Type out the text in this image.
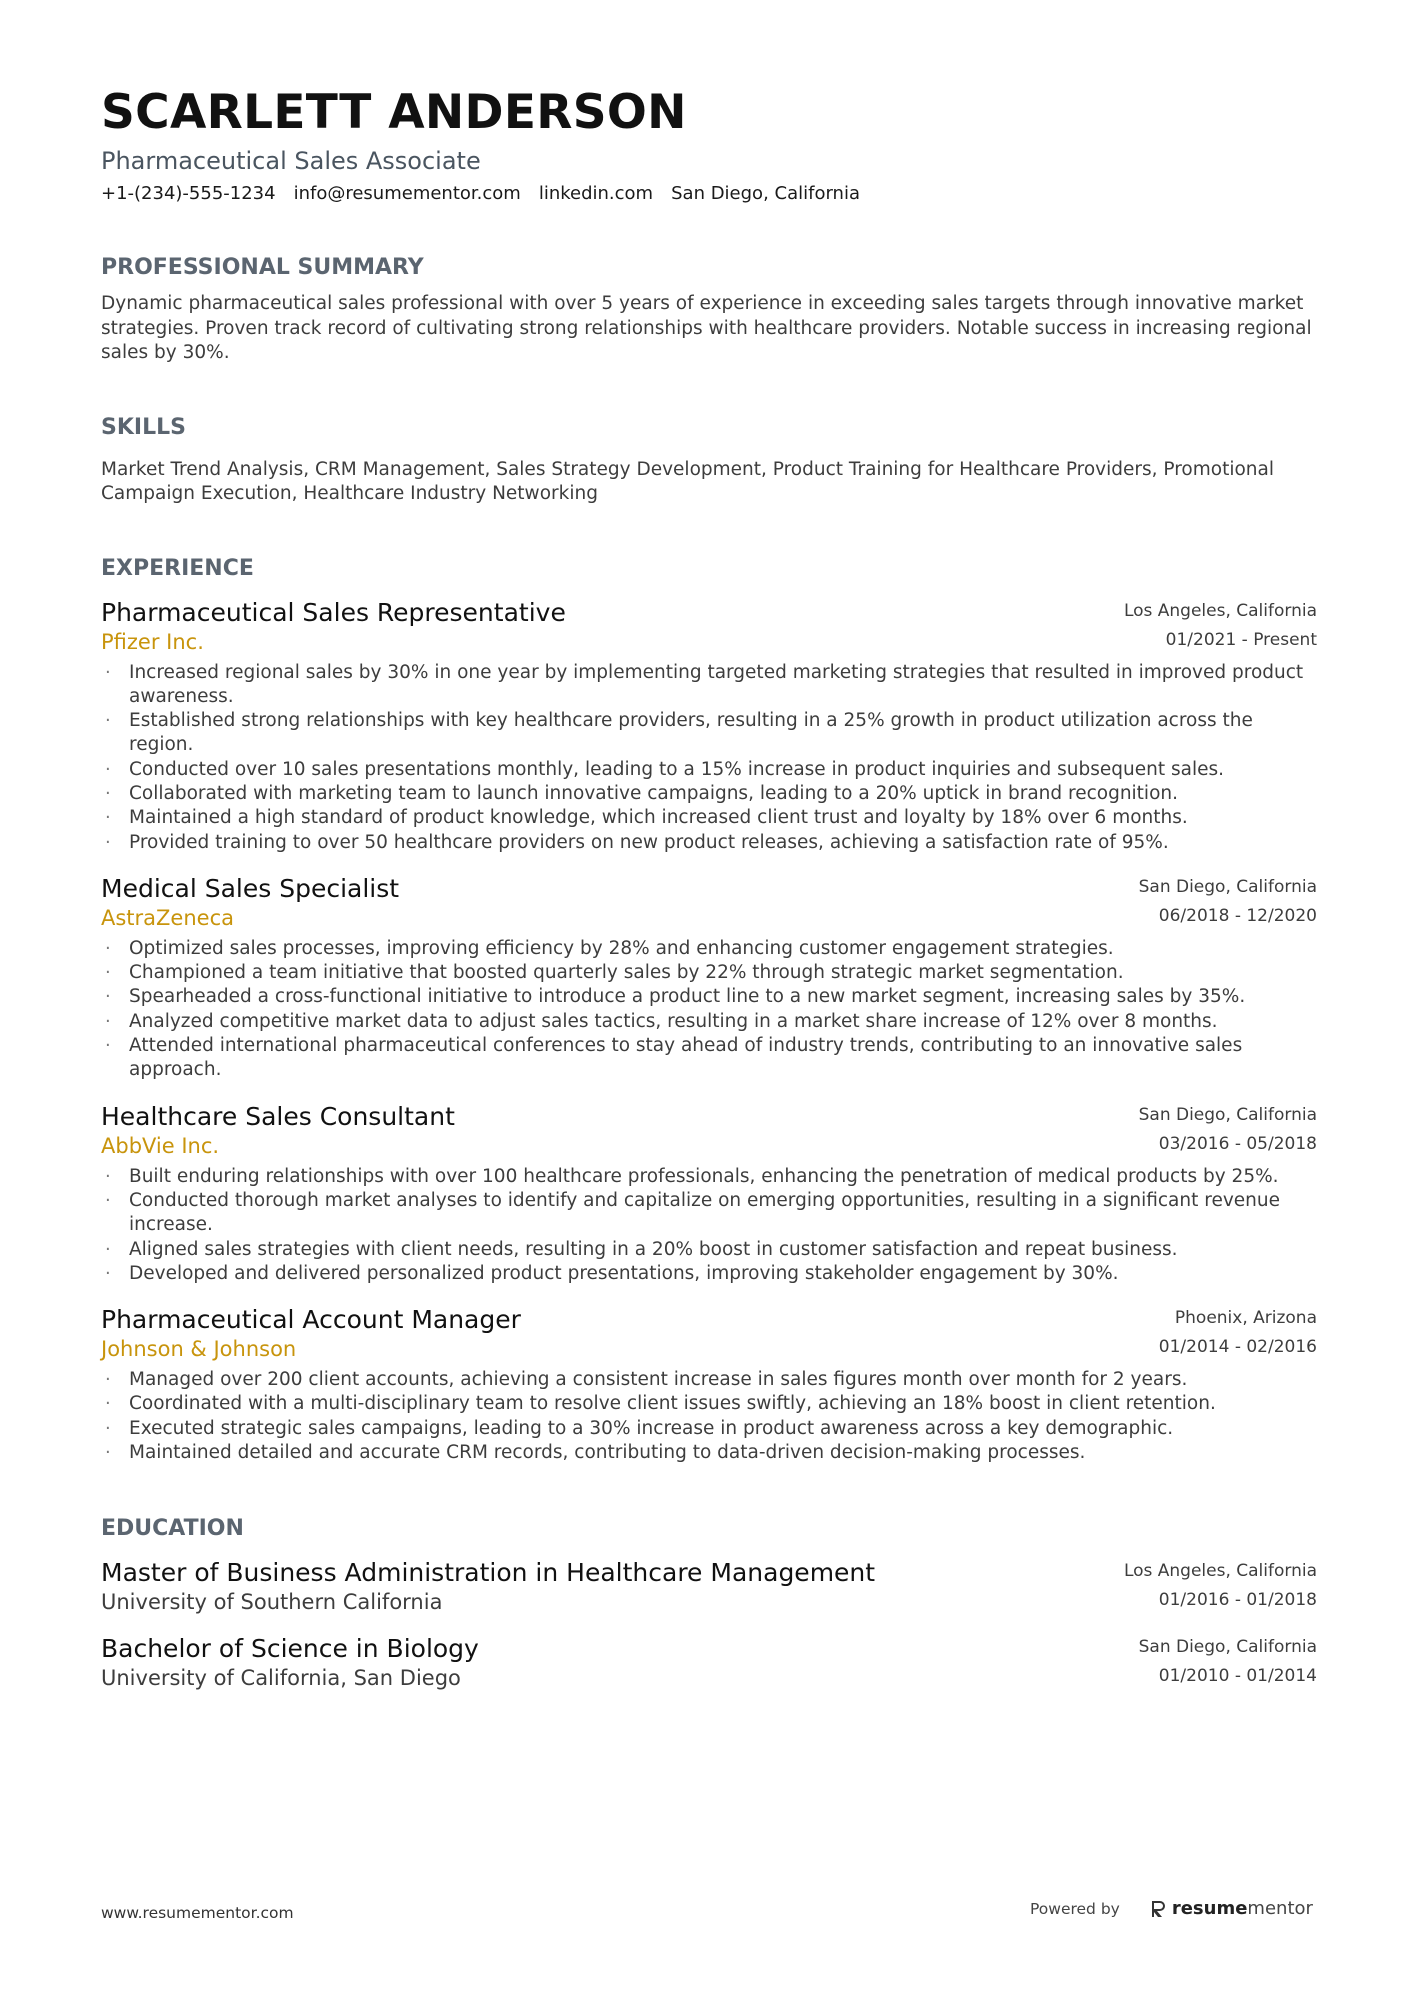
SCARLETT ANDERSON
Pharmaceutical Sales Associate
+1-(234)-555-1234 info@resumementor.com linkedin.com San Diego, California
PROFESSIONAL SUMMARY
Dynamic pharmaceutical sales professional with over 5 years of experience in exceeding sales targets through innovative market strategies. Proven track record of cultivating strong relationships with healthcare providers. Notable success in increasing regional sales by 30%.
SKILLS
Market Trend Analysis, CRM Management, Sales Strategy Development, Product Training for Healthcare Providers, Promotional Campaign Execution, Healthcare Industry Networking
EXPERIENCE
Pharmaceutical Sales Representative
Pfizer Inc.
Los Angeles, California
01/2021 - Present
· Increased regional sales by 30% in one year by implementing targeted marketing strategies that resulted in improved product awareness.
· Established strong relationships with key healthcare providers, resulting in a 25% growth in product utilization across the region.
· Conducted over 10 sales presentations monthly, leading to a 15% increase in product inquiries and subsequent sales.
· Collaborated with marketing team to launch innovative campaigns, leading to a 20% uptick in brand recognition.
· Maintained a high standard of product knowledge, which increased client trust and loyalty by 18% over 6 months.
· Provided training to over 50 healthcare providers on new product releases, achieving a satisfaction rate of 95%.
Medical Sales Specialist
AstraZeneca
San Diego, California
06/2018 - 12/2020
· Optimized sales processes, improving efficiency by 28% and enhancing customer engagement strategies.
· Championed a team initiative that boosted quarterly sales by 22% through strategic market segmentation.
· Spearheaded a cross-functional initiative to introduce a product line to a new market segment, increasing sales by 35%.
· Analyzed competitive market data to adjust sales tactics, resulting in a market share increase of 12% over 8 months.
· Attended international pharmaceutical conferences to stay ahead of industry trends, contributing to an innovative sales approach.
Healthcare Sales Consultant
AbbVie Inc.
San Diego, California
03/2016 - 05/2018
· Built enduring relationships with over 100 healthcare professionals, enhancing the penetration of medical products by 25%.
· Conducted thorough market analyses to identify and capitalize on emerging opportunities, resulting in a significant revenue increase.
· Aligned sales strategies with client needs, resulting in a 20% boost in customer satisfaction and repeat business.
· Developed and delivered personalized product presentations, improving stakeholder engagement by 30%.
Pharmaceutical Account Manager
Johnson & Johnson
Phoenix, Arizona
01/2014 - 02/2016
· Managed over 200 client accounts, achieving a consistent increase in sales figures month over month for 2 years.
· Coordinated with a multi-disciplinary team to resolve client issues swiftly, achieving an 18% boost in client retention.
· Executed strategic sales campaigns, leading to a 30% increase in product awareness across a key demographic.
· Maintained detailed and accurate CRM records, contributing to data-driven decision-making processes.
EDUCATION
Master of Business Administration in Healthcare Management
University of Southern California
Los Angeles, California
01/2016 - 01/2018
Bachelor of Science in Biology
University of California, San Diego
San Diego, California
01/2010 - 01/2014
www.resumementor.com	Powered by	resumementor
